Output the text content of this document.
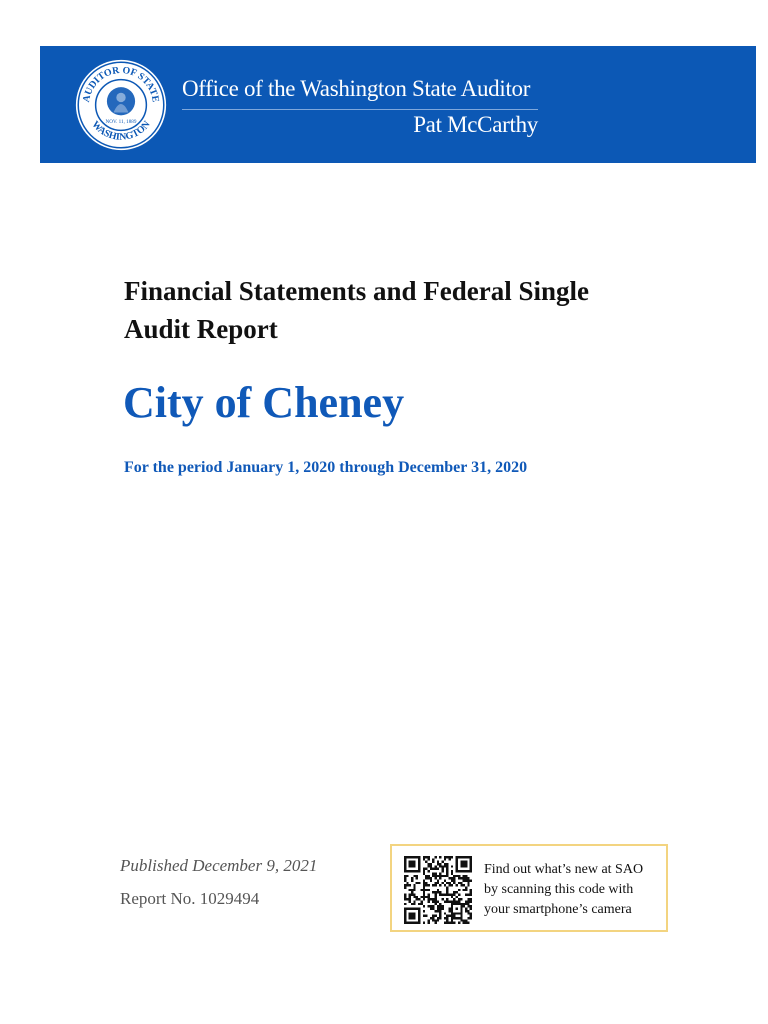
AUDITOR OF STATE
WASHINGTON
NOV. 11, 1889
Office of the Washington State Auditor
Pat McCarthy
Financial Statements and Federal Single
Audit Report
City of Cheney
For the period January 1, 2020 through December 31, 2020
Published December 9, 2021
Report No. 1029494
Find out what’s new at SAO
by scanning this code with
your smartphone’s camera
